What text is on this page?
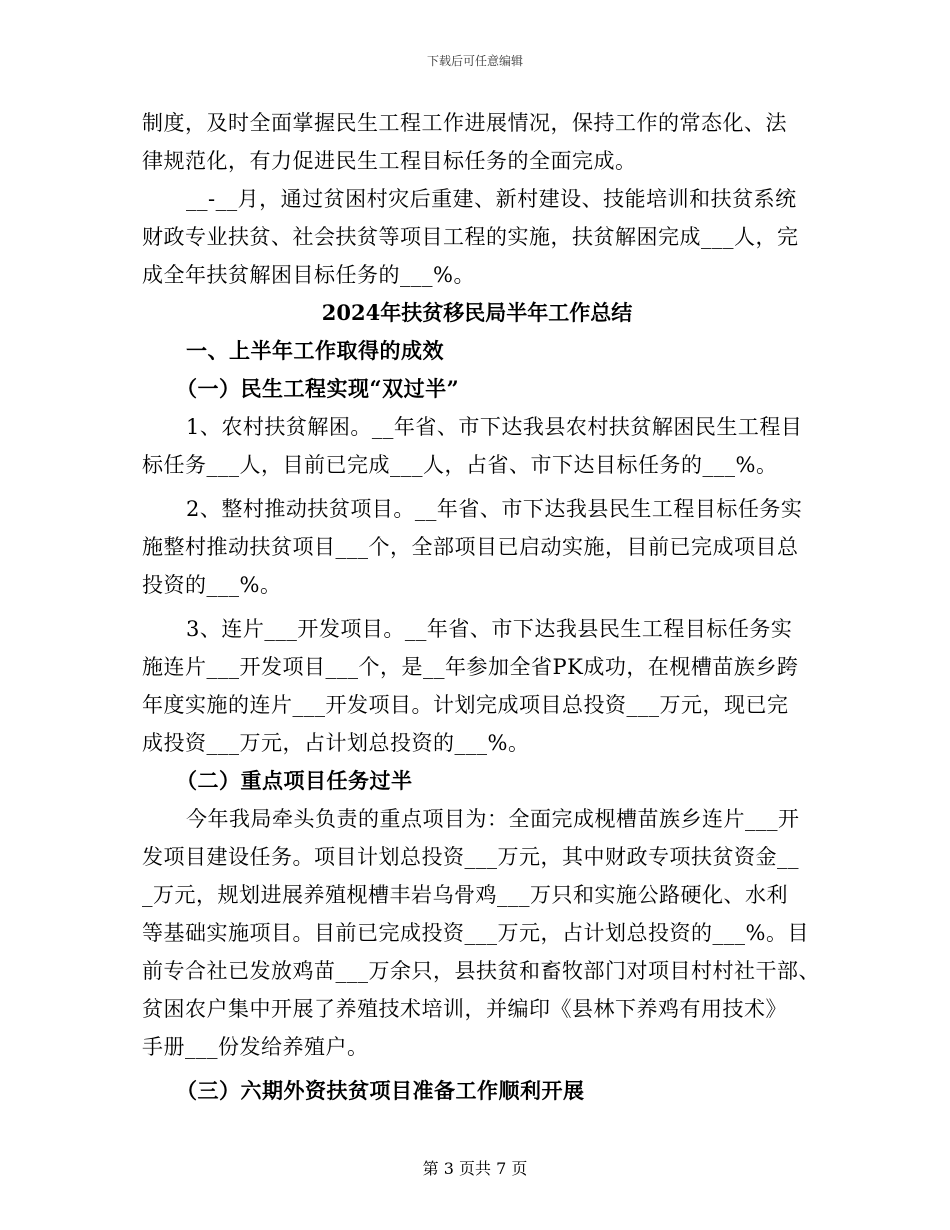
下载后可任意编辑
制度，及时全面掌握民生工程工作进展情况，保持工作的常态化、法
律规范化，有力促进民生工程目标任务的全面完成。
__-__月，通过贫困村灾后重建、新村建设、技能培训和扶贫系统
财政专业扶贫、社会扶贫等项目工程的实施，扶贫解困完成___人，完
成全年扶贫解困目标任务的___%。
2024年扶贫移民局半年工作总结
一、上半年工作取得的成效
（一）民生工程实现“双过半”
1、农村扶贫解困。__年省、市下达我县农村扶贫解困民生工程目
标任务___人，目前已完成___人，占省、市下达目标任务的___%。
2、整村推动扶贫项目。__年省、市下达我县民生工程目标任务实
施整村推动扶贫项目___个，全部项目已启动实施，目前已完成项目总
投资的___%。
3、连片___开发项目。__年省、市下达我县民生工程目标任务实
施连片___开发项目___个，是__年参加全省PK成功，在枧槽苗族乡跨
年度实施的连片___开发项目。计划完成项目总投资___万元，现已完
成投资___万元，占计划总投资的___%。
（二）重点项目任务过半
今年我局牵头负责的重点项目为：全面完成枧槽苗族乡连片___开
发项目建设任务。项目计划总投资___万元，其中财政专项扶贫资金__
_万元，规划进展养殖枧槽丰岩乌骨鸡___万只和实施公路硬化、水利
等基础实施项目。目前已完成投资___万元，占计划总投资的___%。目
前专合社已发放鸡苗___万余只，县扶贫和畜牧部门对项目村村社干部、
贫困农户集中开展了养殖技术培训，并编印《县林下养鸡有用技术》
手册___份发给养殖户。
（三）六期外资扶贫项目准备工作顺利开展
第 3 页共 7 页
